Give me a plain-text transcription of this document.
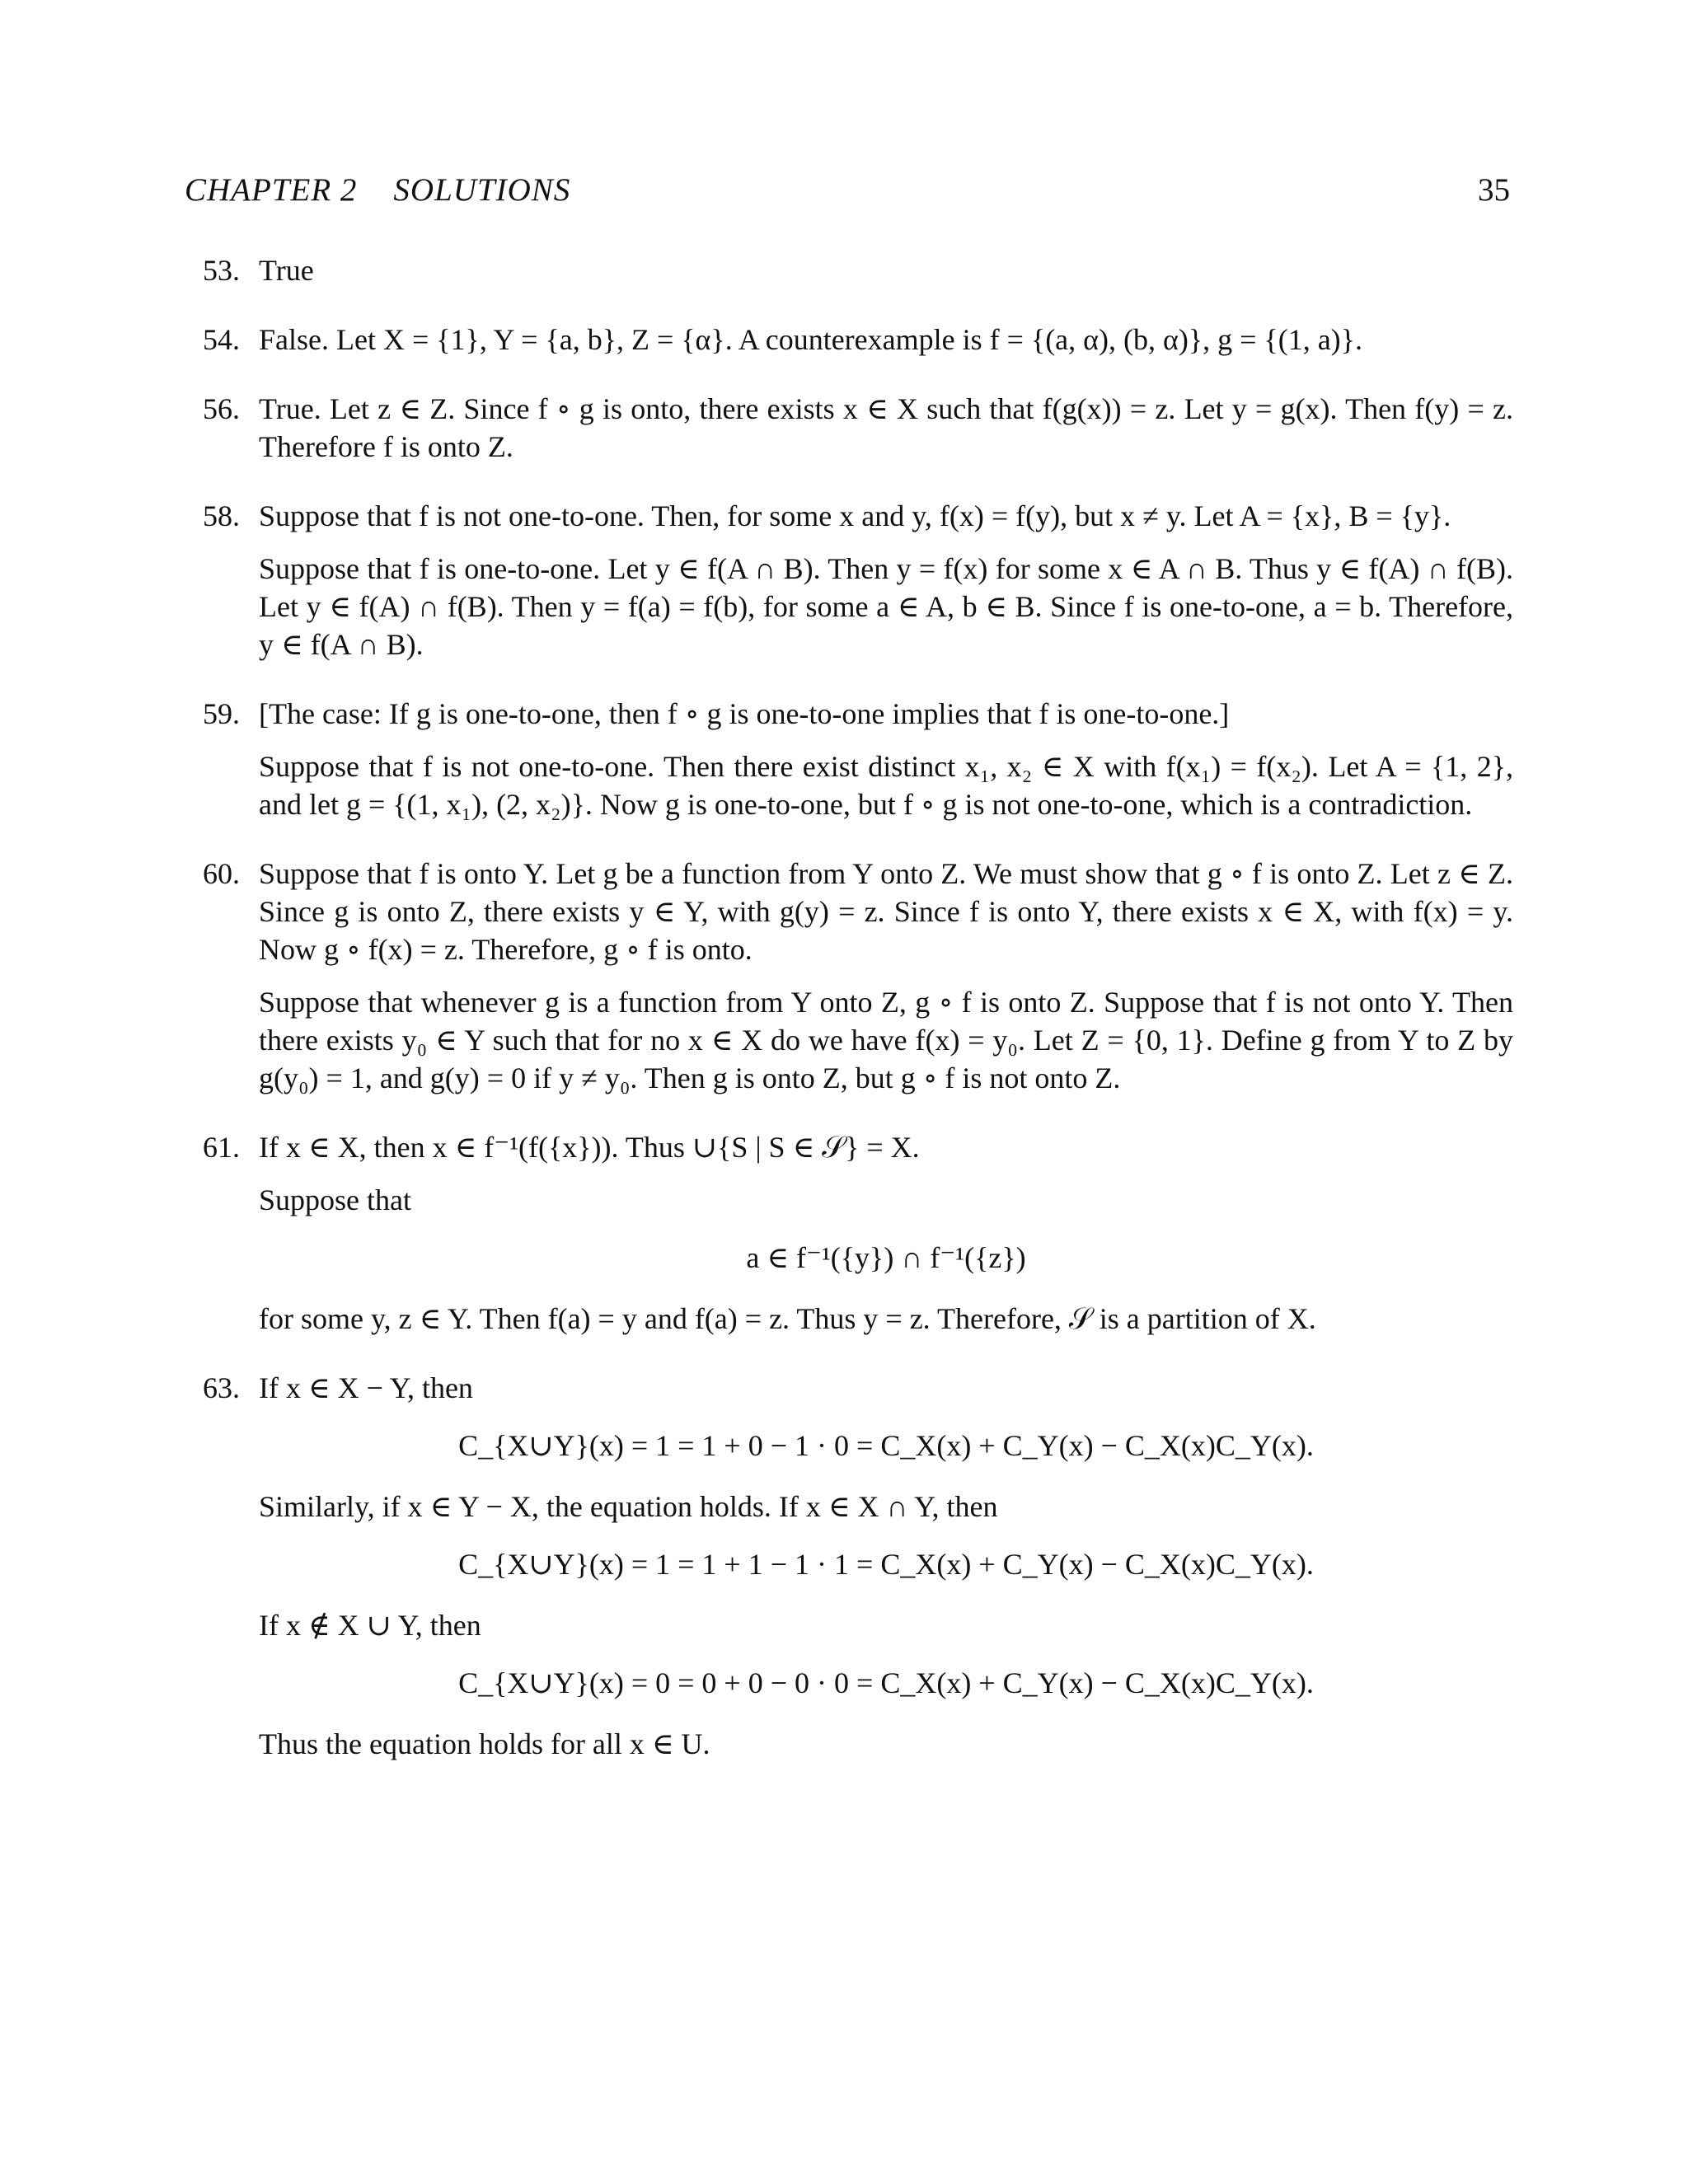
CHAPTER 2 SOLUTIONS	35
53. True

54. False. Let X = {1}, Y = {a, b}, Z = {α}. A counterexample is f = {(a, α), (b, α)}, g = {(1, a)}.

56. True. Let z ∈ Z. Since f ∘ g is onto, there exists x ∈ X such that f(g(x)) = z. Let y = g(x). Then f(y) = z. Therefore f is onto Z.

58. Suppose that f is not one-to-one. Then, for some x and y, f(x) = f(y), but x ≠ y. Let A = {x}, B = {y}.

Suppose that f is one-to-one. Let y ∈ f(A ∩ B). Then y = f(x) for some x ∈ A ∩ B. Thus y ∈ f(A) ∩ f(B). Let y ∈ f(A) ∩ f(B). Then y = f(a) = f(b), for some a ∈ A, b ∈ B. Since f is one-to-one, a = b. Therefore, y ∈ f(A ∩ B).

59. [The case: If g is one-to-one, then f ∘ g is one-to-one implies that f is one-to-one.]

Suppose that f is not one-to-one. Then there exist distinct x₁, x₂ ∈ X with f(x₁) = f(x₂). Let A = {1, 2}, and let g = {(1, x₁), (2, x₂)}. Now g is one-to-one, but f ∘ g is not one-to-one, which is a contradiction.

60. Suppose that f is onto Y. Let g be a function from Y onto Z. We must show that g ∘ f is onto Z. Let z ∈ Z. Since g is onto Z, there exists y ∈ Y, with g(y) = z. Since f is onto Y, there exists x ∈ X, with f(x) = y. Now g ∘ f(x) = z. Therefore, g ∘ f is onto.

Suppose that whenever g is a function from Y onto Z, g ∘ f is onto Z. Suppose that f is not onto Y. Then there exists y₀ ∈ Y such that for no x ∈ X do we have f(x) = y₀. Let Z = {0, 1}. Define g from Y to Z by g(y₀) = 1, and g(y) = 0 if y ≠ y₀. Then g is onto Z, but g ∘ f is not onto Z.

61. If x ∈ X, then x ∈ f⁻¹(f({x})). Thus ∪{S | S ∈ 𝒮} = X.

Suppose that

a ∈ f⁻¹({y}) ∩ f⁻¹({z})

for some y, z ∈ Y. Then f(a) = y and f(a) = z. Thus y = z. Therefore, 𝒮 is a partition of X.

63. If x ∈ X − Y, then

C_{X∪Y}(x) = 1 = 1 + 0 − 1 · 0 = C_X(x) + C_Y(x) − C_X(x)C_Y(x).

Similarly, if x ∈ Y − X, the equation holds. If x ∈ X ∩ Y, then

C_{X∪Y}(x) = 1 = 1 + 1 − 1 · 1 = C_X(x) + C_Y(x) − C_X(x)C_Y(x).

If x ∉ X ∪ Y, then

C_{X∪Y}(x) = 0 = 0 + 0 − 0 · 0 = C_X(x) + C_Y(x) − C_X(x)C_Y(x).

Thus the equation holds for all x ∈ U.
